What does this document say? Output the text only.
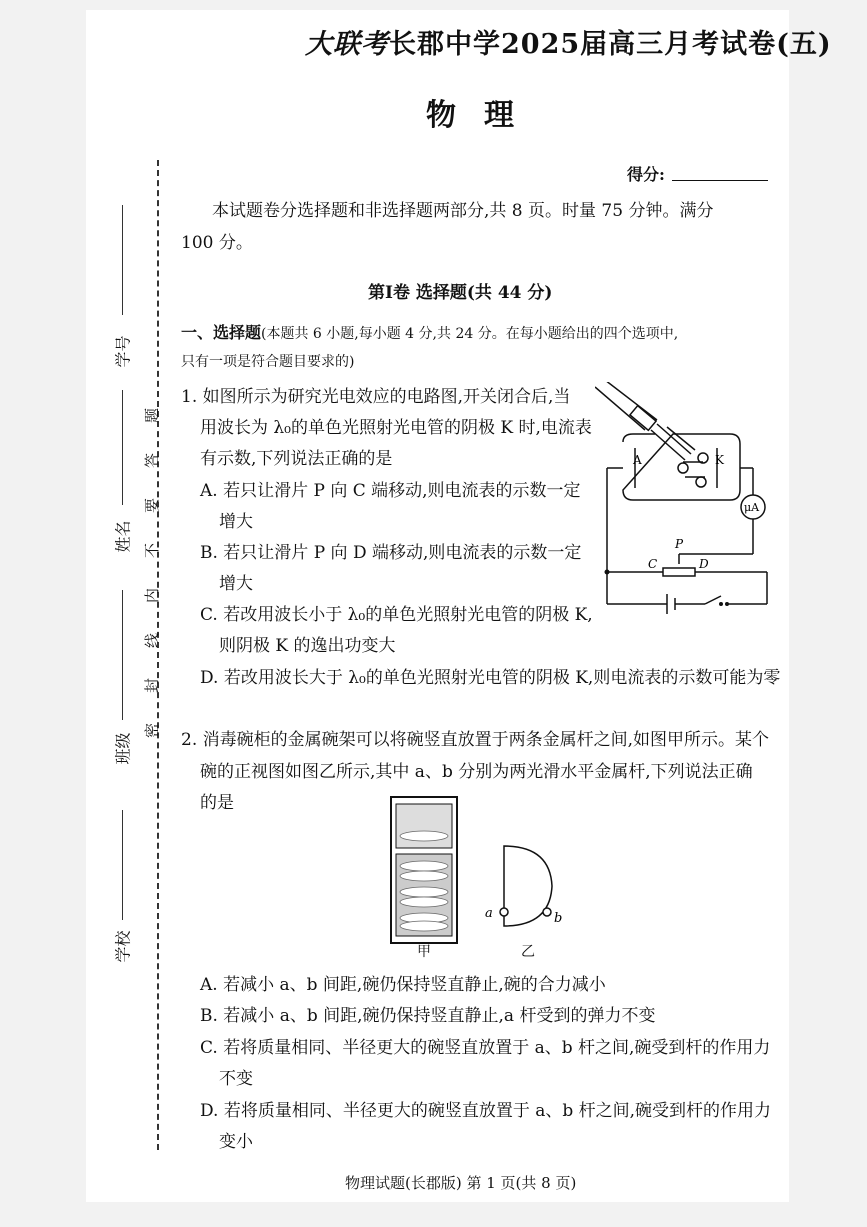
学号
姓名
班级
学校
密
封
线
内
不
要
答
题
大联考长郡中学2025届高三月考试卷(五)
物理
得分:
本试题卷分选择题和非选择题两部分,共 8 页。时量 75 分钟。满分
100 分。
第Ⅰ卷 选择题(共 44 分)
一、选择题(本题共 6 小题,每小题 4 分,共 24 分。在每小题给出的四个选项中,
只有一项是符合题目要求的)
1. 如图所示为研究光电效应的电路图,开关闭合后,当
用波长为 λ₀的单色光照射光电管的阴极 K 时,电流表
有示数,下列说法正确的是
A. 若只让滑片 P 向 C 端移动,则电流表的示数一定
增大
B. 若只让滑片 P 向 D 端移动,则电流表的示数一定
增大
C. 若改用波长小于 λ₀的单色光照射光电管的阴极 K,
则阴极 K 的逸出功变大
D. 若改用波长大于 λ₀的单色光照射光电管的阴极 K,则电流表的示数可能为零
A	K
μA
P
C	D
2. 消毒碗柜的金属碗架可以将碗竖直放置于两条金属杆之间,如图甲所示。某个
碗的正视图如图乙所示,其中 a、b 分别为两光滑水平金属杆,下列说法正确
的是
a	b
甲	乙
A. 若减小 a、b 间距,碗仍保持竖直静止,碗的合力减小
B. 若减小 a、b 间距,碗仍保持竖直静止,a 杆受到的弹力不变
C. 若将质量相同、半径更大的碗竖直放置于 a、b 杆之间,碗受到杆的作用力
不变
D. 若将质量相同、半径更大的碗竖直放置于 a、b 杆之间,碗受到杆的作用力
变小
物理试题(长郡版) 第 1 页(共 8 页)
